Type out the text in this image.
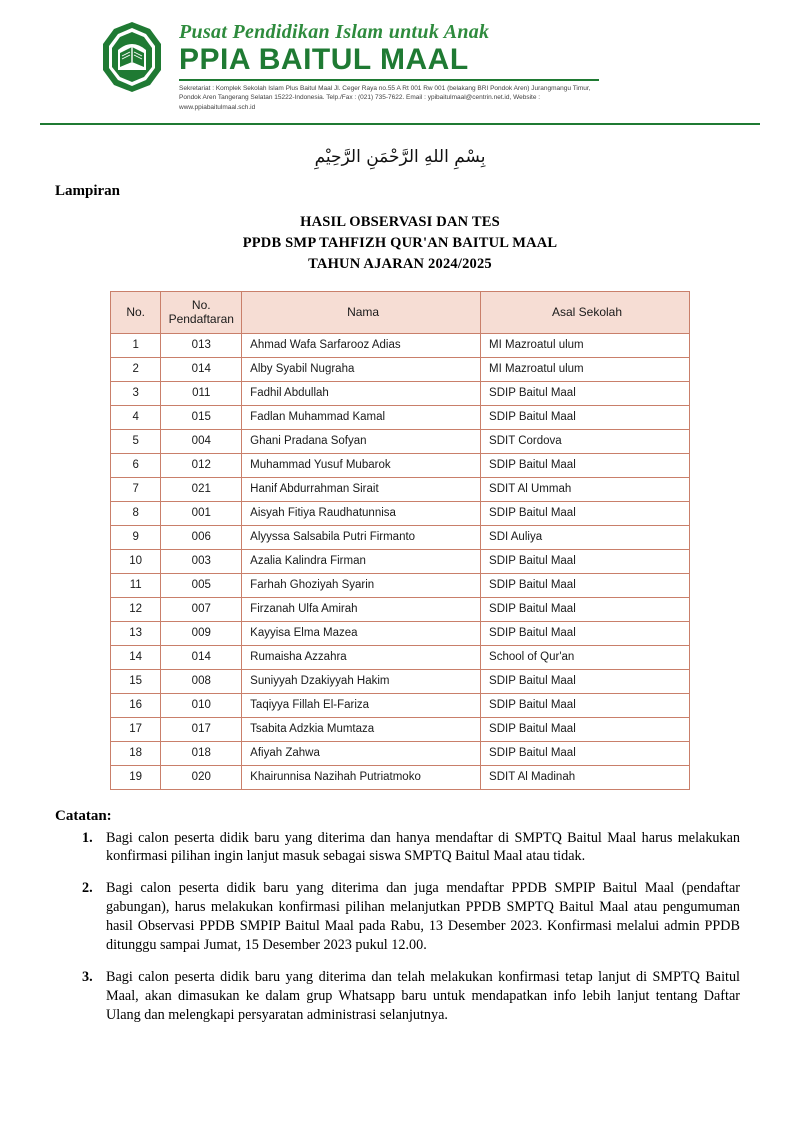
Pusat Pendidikan Islam untuk Anak
PPIA BAITUL MAAL
Sekretariat : Komplek Sekolah Islam Plus Baitul Maal Jl. Ceger Raya no.55 A Rt 001 Rw 001 (belakang BRI Pondok Aren) Jurangmangu Timur, Pondok Aren Tangerang Selatan 15222-Indonesia. Telp./Fax : (021) 735-7622. Email : ypibaitulmaal@centrin.net.id, Website : www.ppiabaitulmaal.sch.id
بِسْمِ اللهِ الرَّحْمَنِ الرَّحِيْمِ
Lampiran
HASIL OBSERVASI DAN TES
PPDB SMP TAHFIZH QUR'AN BAITUL MAAL
TAHUN AJARAN 2024/2025
No.	No. Pendaftaran	Nama	Asal Sekolah
1	013	Ahmad Wafa Sarfarooz Adias	MI Mazroatul ulum
2	014	Alby Syabil Nugraha	MI Mazroatul ulum
3	011	Fadhil Abdullah	SDIP Baitul Maal
4	015	Fadlan Muhammad Kamal	SDIP Baitul Maal
5	004	Ghani Pradana Sofyan	SDIT Cordova
6	012	Muhammad Yusuf Mubarok	SDIP Baitul Maal
7	021	Hanif Abdurrahman Sirait	SDIT Al Ummah
8	001	Aisyah Fitiya Raudhatunnisa	SDIP Baitul Maal
9	006	Alyyssa Salsabila Putri Firmanto	SDI Auliya
10	003	Azalia Kalindra Firman	SDIP Baitul Maal
11	005	Farhah Ghoziyah Syarin	SDIP Baitul Maal
12	007	Firzanah Ulfa Amirah	SDIP Baitul Maal
13	009	Kayyisa Elma Mazea	SDIP Baitul Maal
14	014	Rumaisha Azzahra	School of Qur'an
15	008	Suniyyah Dzakiyyah Hakim	SDIP Baitul Maal
16	010	Taqiyya Fillah El-Fariza	SDIP Baitul Maal
17	017	Tsabita Adzkia Mumtaza	SDIP Baitul Maal
18	018	Afiyah Zahwa	SDIP Baitul Maal
19	020	Khairunnisa Nazihah Putriatmoko	SDIT Al Madinah
Catatan:
Bagi calon peserta didik baru yang diterima dan hanya mendaftar di SMPTQ Baitul Maal harus melakukan konfirmasi pilihan ingin lanjut masuk sebagai siswa SMPTQ Baitul Maal atau tidak.
Bagi calon peserta didik baru yang diterima dan juga mendaftar PPDB SMPIP Baitul Maal (pendaftar gabungan), harus melakukan konfirmasi pilihan melanjutkan PPDB SMPTQ Baitul Maal atau pengumuman hasil Observasi PPDB SMPIP Baitul Maal pada Rabu, 13 Desember 2023. Konfirmasi melalui admin PPDB ditunggu sampai Jumat, 15 Desember 2023 pukul 12.00.
Bagi calon peserta didik baru yang diterima dan telah melakukan konfirmasi tetap lanjut di SMPTQ Baitul Maal, akan dimasukan ke dalam grup Whatsapp baru untuk mendapatkan info lebih lanjut tentang Daftar Ulang dan melengkapi persyaratan administrasi selanjutnya.
